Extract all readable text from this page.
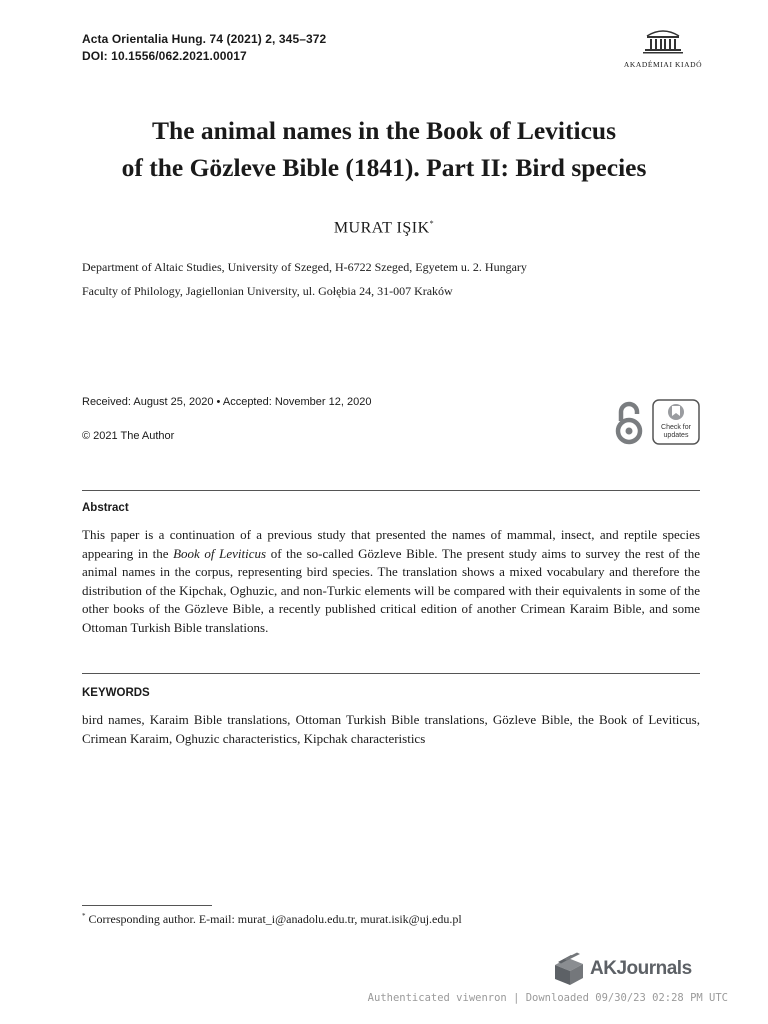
Acta Orientalia Hung. 74 (2021) 2, 345–372
DOI: 10.1556/062.2021.00017
AKADÉMIAI KIADÓ
The animal names in the Book of Leviticus
of the Gözleve Bible (1841). Part II: Bird species
MURAT IŞIK*
Department of Altaic Studies, University of Szeged, H-6722 Szeged, Egyetem u. 2. Hungary
Faculty of Philology, Jagiellonian University, ul. Gołębia 24, 31-007 Kraków
Received: August 25, 2020 • Accepted: November 12, 2020
© 2021 The Author
Check for
updates
Abstract
This paper is a continuation of a previous study that presented the names of mammal, insect, and reptile species appearing in the Book of Leviticus of the so-called Gözleve Bible. The present study aims to survey the rest of the animal names in the corpus, representing bird species. The translation shows a mixed vocabulary and therefore the distribution of the Kipchak, Oghuzic, and non-Turkic elements will be compared with their equivalents in some of the other books of the Gözleve Bible, a recently published critical edition of another Crimean Karaim Bible, and some Ottoman Turkish Bible translations.
KEYWORDS
bird names, Karaim Bible translations, Ottoman Turkish Bible translations, Gözleve Bible, the Book of Leviticus, Crimean Karaim, Oghuzic characteristics, Kipchak characteristics
* Corresponding author. E-mail: murat_i@anadolu.edu.tr, murat.isik@uj.edu.pl
AKJournals
Authenticated viwenron | Downloaded 09/30/23 02:28 PM UTC
